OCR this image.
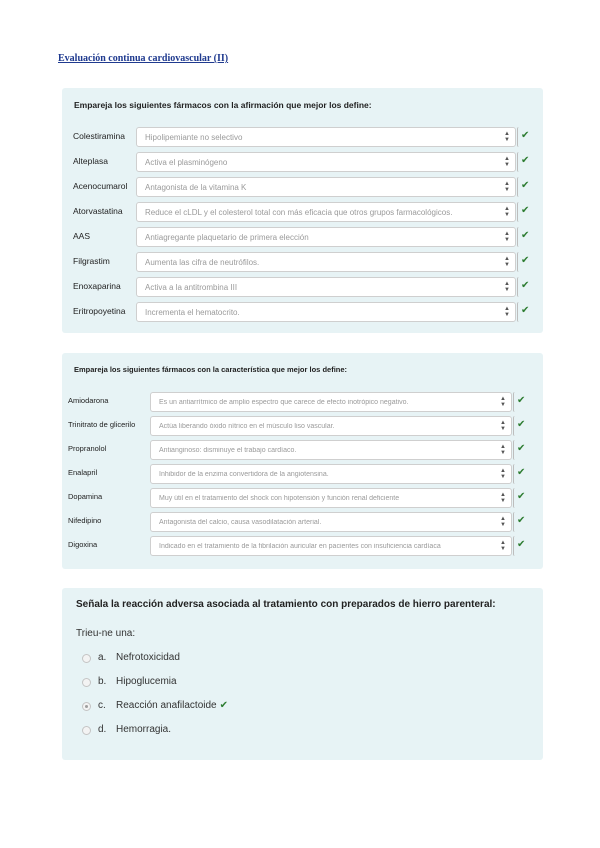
Evaluación continua cardiovascular (II)
Empareja los siguientes fármacos con la afirmación que mejor los define:
Colestiramina	Hipolipemiante no selectivo	▲
▼ ✔
Alteplasa	Activa el plasminógeno	▲
▼ ✔
Acenocumarol Antagonista de la vitamina K	▲
▼ ✔
Atorvastatina	Reduce el cLDL y el colesterol total con más eficacia que otros grupos farmacológicos.	▲
▼ ✔
AAS	Antiagregante plaquetario de primera elección	▲
▼ ✔
Filgrastim	Aumenta las cifra de neutrófilos.	▲
▼ ✔
Enoxaparina	Activa a la antitrombina III	▲
▼ ✔
Eritropoyetina Incrementa el hematocrito.	▲
▼ ✔
Empareja los siguientes fármacos con la característica que mejor los define:
Amiodarona	Es un antiarrítmico de amplio espectro que carece de efecto inotrópico negativo.	▲
▼ ✔
Trinitrato de glicerilo	Actúa liberando óxido nítrico en el músculo liso vascular.	▲
▼ ✔
Propranolol	Antianginoso: disminuye el trabajo cardíaco.	▲
▼ ✔
Enalapril	Inhibidor de la enzima convertidora de la angiotensina.	▲
▼ ✔
Dopamina	Muy útil en el tratamiento del shock con hipotensión y función renal deficiente	▲
▼ ✔
Nifedipino	Antagonista del calcio, causa vasodilatación arterial.	▲
▼ ✔
Digoxina	Indicado en el tratamiento de la fibrilación auricular en pacientes con insuficiencia cardíaca	▲
▼ ✔
Señala la reacción adversa asociada al tratamiento con preparados de hierro parenteral:
Trieu-ne una:
a. Nefrotoxicidad
b. Hipoglucemia
c. Reacción anafilactoide ✔
d. Hemorragia.
